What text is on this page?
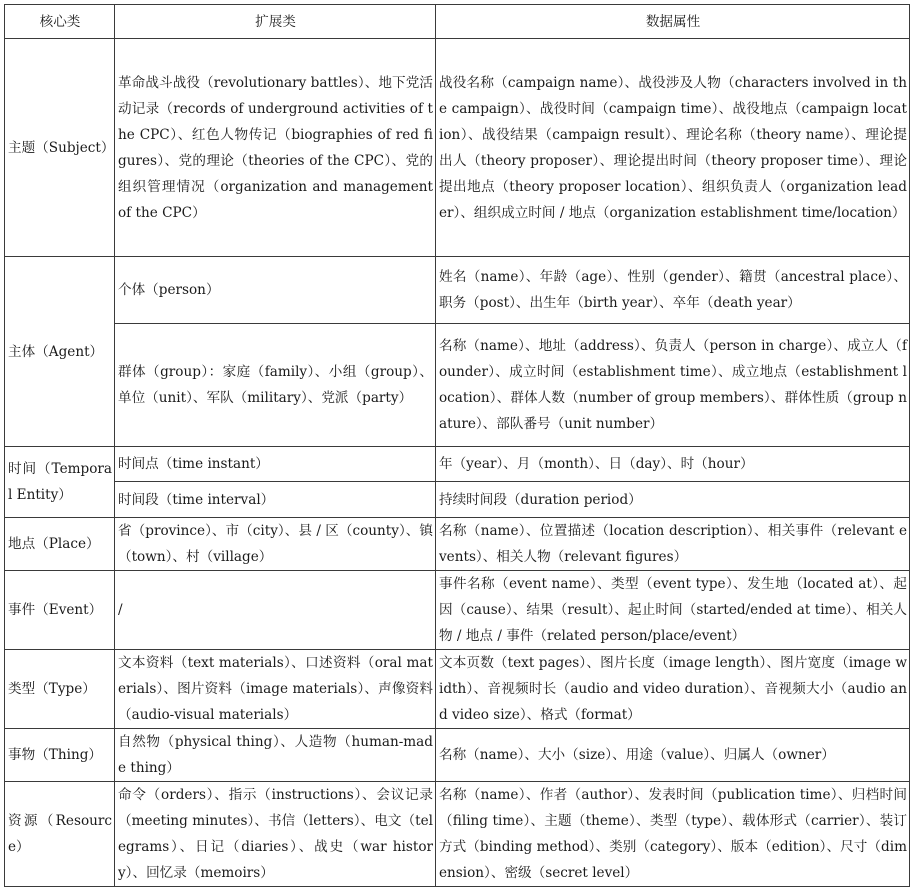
核心类	扩展类	数据属性
主题（Subject）	革命战斗战役（revolutionary battles）、地下党活动记录（records of underground activities of the CPC）、红色人物传记（biographies of red figures）、党的理论（theories of the CPC）、党的组织管理情况（organization and management of the CPC）	战役名称（campaign name）、战役涉及人物（characters involved in the campaign）、战役时间（campaign time）、战役地点（campaign location）、战役结果（campaign result）、理论名称（theory name）、理论提出人（theory proposer）、理论提出时间（theory proposer time）、理论提出地点（theory proposer location）、组织负责人（organization leader）、组织成立时间 / 地点（organization establishment time/location）
主体（Agent）	个体（person）	姓名（name）、年龄（age）、性别（gender）、籍贯（ancestral place）、职务（post）、出生年（birth year）、卒年（death year）
	群体（group）：家庭（family）、小组（group）、单位（unit）、军队（military）、党派（party）	名称（name）、地址（address）、负责人（person in charge）、成立人（founder）、成立时间（establishment time）、成立地点（establishment location）、群体人数（number of group members）、群体性质（group nature）、部队番号（unit number）
时间（Temporal Entity）	时间点（time instant）	年（year）、月（month）、日（day）、时（hour）
	时间段（time interval）	持续时间段（duration period）
地点（Place）	省（province）、市（city）、县 / 区（county）、镇（town）、村（village）	名称（name）、位置描述（location description）、相关事件（relevant events）、相关人物（relevant figures）
事件（Event）	/	事件名称（event name）、类型（event type）、发生地（located at）、起因（cause）、结果（result）、起止时间（started/ended at time）、相关人物 / 地点 / 事件（related person/place/event）
类型（Type）	文本资料（text materials）、口述资料（oral materials）、图片资料（image materials）、声像资料（audio-visual materials）	文本页数（text pages）、图片长度（image length）、图片宽度（image width）、音视频时长（audio and video duration）、音视频大小（audio and video size）、格式（format）
事物（Thing）	自然物（physical thing）、人造物（human-made thing）	名称（name）、大小（size）、用途（value）、归属人（owner）
资源（Resource）	命令（orders）、指示（instructions）、会议记录（meeting minutes）、书信（letters）、电文（telegrams）、日记（diaries）、战史（war history）、回忆录（memoirs）	名称（name）、作者（author）、发表时间（publication time）、归档时间（filing time）、主题（theme）、类型（type）、载体形式（carrier）、装订方式（binding method）、类别（category）、版本（edition）、尺寸（dimension）、密级（secret level）
